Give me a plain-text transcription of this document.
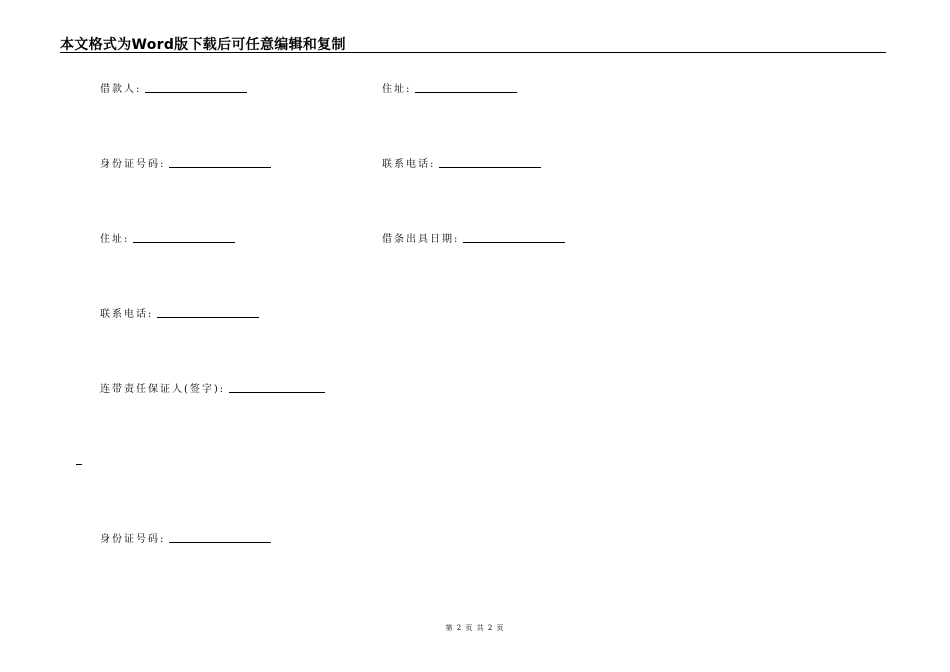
本文格式为Word版下载后可任意编辑和复制
借款人:	住址:
身份证号码:	联系电话:
住址:	借条出具日期:
联系电话:
连带责任保证人(签字):
身份证号码:
第 2 页 共 2 页
